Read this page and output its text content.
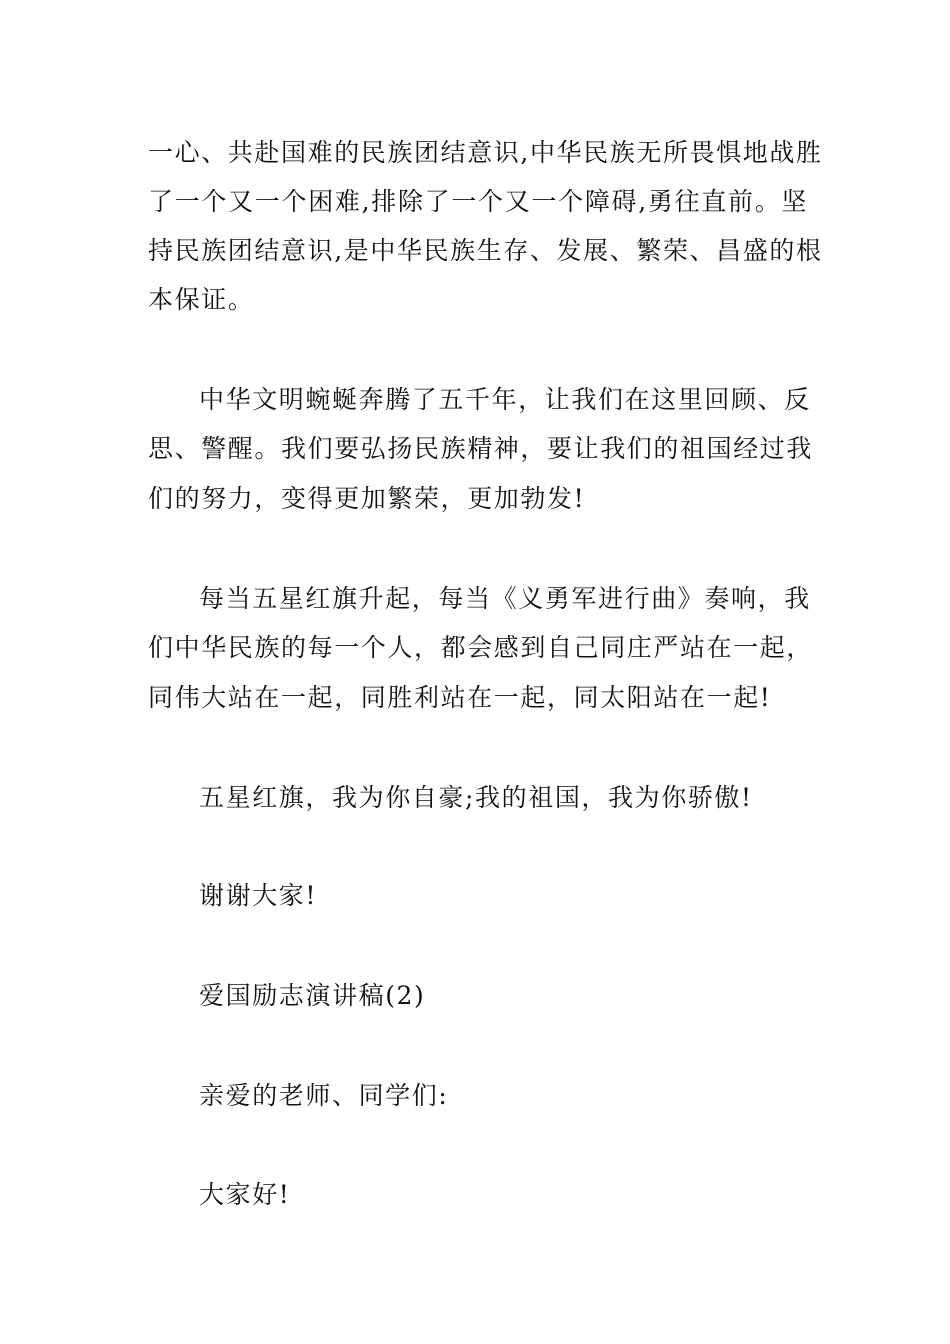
一心、共赴国难的民族团结意识,中华民族无所畏惧地战胜
了一个又一个困难,排除了一个又一个障碍,勇往直前。坚
持民族团结意识,是中华民族生存、发展、繁荣、昌盛的根
本保证。
中华文明蜿蜒奔腾了五千年，让我们在这里回顾、反
思、警醒。我们要弘扬民族精神，要让我们的祖国经过我
们的努力，变得更加繁荣，更加勃发!
每当五星红旗升起，每当《义勇军进行曲》奏响，我
们中华民族的每一个人，都会感到自己同庄严站在一起，
同伟大站在一起，同胜利站在一起，同太阳站在一起!
五星红旗，我为你自豪;我的祖国，我为你骄傲!
谢谢大家!
爱国励志演讲稿(2)
亲爱的老师、同学们:
大家好!
